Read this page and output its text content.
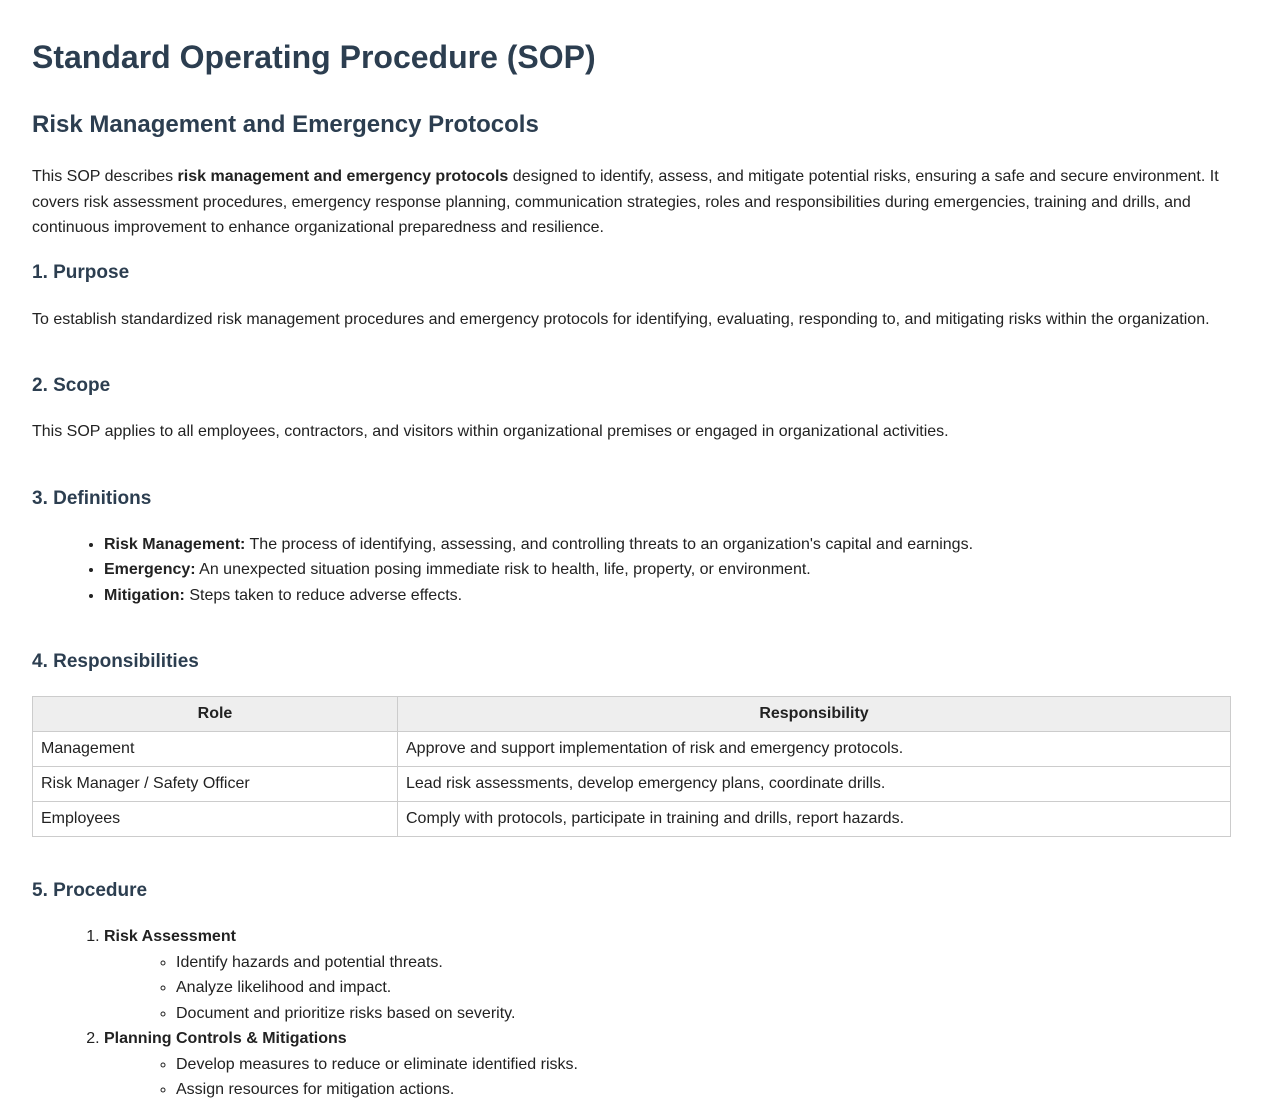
Standard Operating Procedure (SOP)
Risk Management and Emergency Protocols

This SOP describes risk management and emergency protocols designed to identify, assess, and mitigate potential risks, ensuring a safe and secure environment. It covers risk assessment procedures, emergency response planning, communication strategies, roles and responsibilities during emergencies, training and drills, and continuous improvement to enhance organizational preparedness and resilience.

1. Purpose

To establish standardized risk management procedures and emergency protocols for identifying, evaluating, responding to, and mitigating risks within the organization.

2. Scope

This SOP applies to all employees, contractors, and visitors within organizational premises or engaged in organizational activities.

3. Definitions
• Risk Management: The process of identifying, assessing, and controlling threats to an organization's capital and earnings.
• Emergency: An unexpected situation posing immediate risk to health, life, property, or environment.
• Mitigation: Steps taken to reduce adverse effects.
4. Responsibilities
Role	Responsibility
Management	Approve and support implementation of risk and emergency protocols.
Risk Manager / Safety Officer	Lead risk assessments, develop emergency plans, coordinate drills.
Employees	Comply with protocols, participate in training and drills, report hazards.
5. Procedure
1. Risk Assessment
◦ Identify hazards and potential threats.
◦ Analyze likelihood and impact.
◦ Document and prioritize risks based on severity.
2. Planning Controls & Mitigations
◦ Develop measures to reduce or eliminate identified risks.
◦ Assign resources for mitigation actions.
